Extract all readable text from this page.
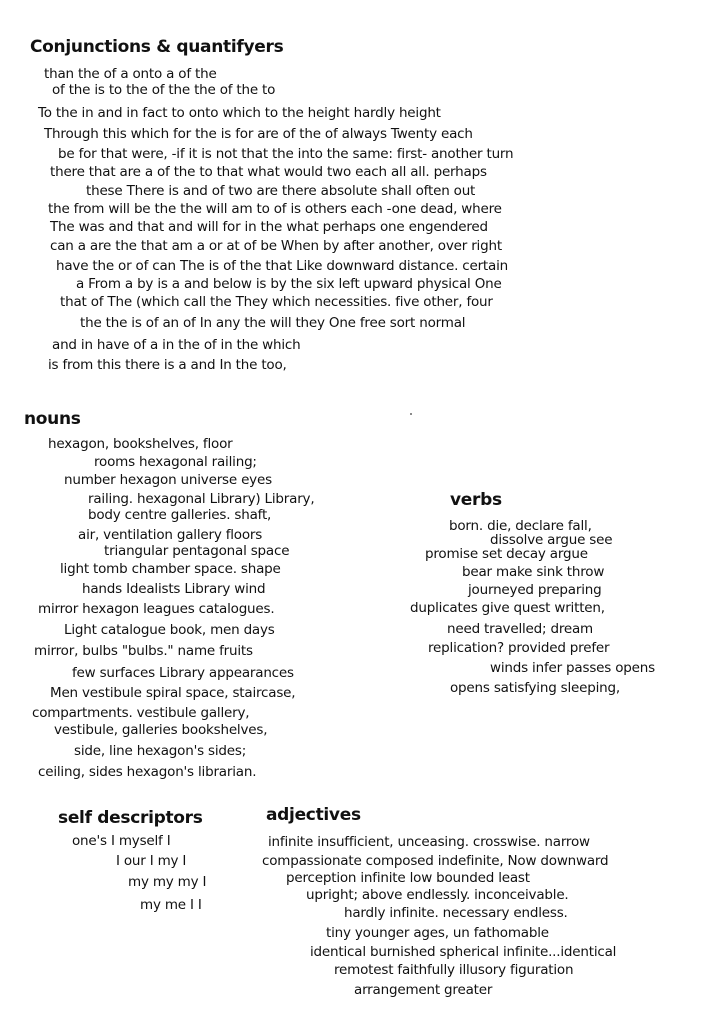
Conjunctions & quantifyers
than the of a onto a of the
of the is to the of the the of the to
To the in and in fact to onto which to the height hardly height
Through this which for the is for are of the of always Twenty each
be for that were, -if it is not that the into the same: first- another turn
there that are a of the to that what would two each all all. perhaps
these There is and of two are there absolute shall often out
the from will be the the will am to of is others each -one dead, where
The was and that and will for in the what perhaps one engendered
can a are the that am a or at of be When by after another, over right
have the or of can The is of the that Like downward distance. certain
a From a by is a and below is by the six left upward physical One
that of The (which call the They which necessities. five other, four
the the is of an of In any the will they One free sort normal
and in have of a in the of in the which
is from this there is a and In the too,
nouns
hexagon, bookshelves, floor
rooms hexagonal railing;
number hexagon universe eyes
railing. hexagonal Library) Library,
body centre galleries. shaft,
air, ventilation gallery floors
triangular pentagonal space
light tomb chamber space. shape
hands Idealists Library wind
mirror hexagon leagues catalogues.
Light catalogue book, men days
mirror, bulbs "bulbs." name fruits
few surfaces Library appearances
Men vestibule spiral space, staircase,
compartments. vestibule gallery,
vestibule, galleries bookshelves,
side, line hexagon's sides;
ceiling, sides hexagon's librarian.
verbs
born. die, declare fall,
dissolve argue see
promise set decay argue
bear make sink throw
journeyed preparing
duplicates give quest written,
need travelled; dream
replication? provided prefer
winds infer passes opens
opens satisfying sleeping,
self descriptors
one's I myself I
I our I my I
my my my I
my me I I
adjectives
infinite insufficient, unceasing. crosswise. narrow
compassionate composed indefinite, Now downward
perception infinite low bounded least
upright; above endlessly. inconceivable.
hardly infinite. necessary endless.
tiny younger ages, un fathomable
identical burnished spherical infinite...identical
remotest faithfully illusory figuration
arrangement greater
